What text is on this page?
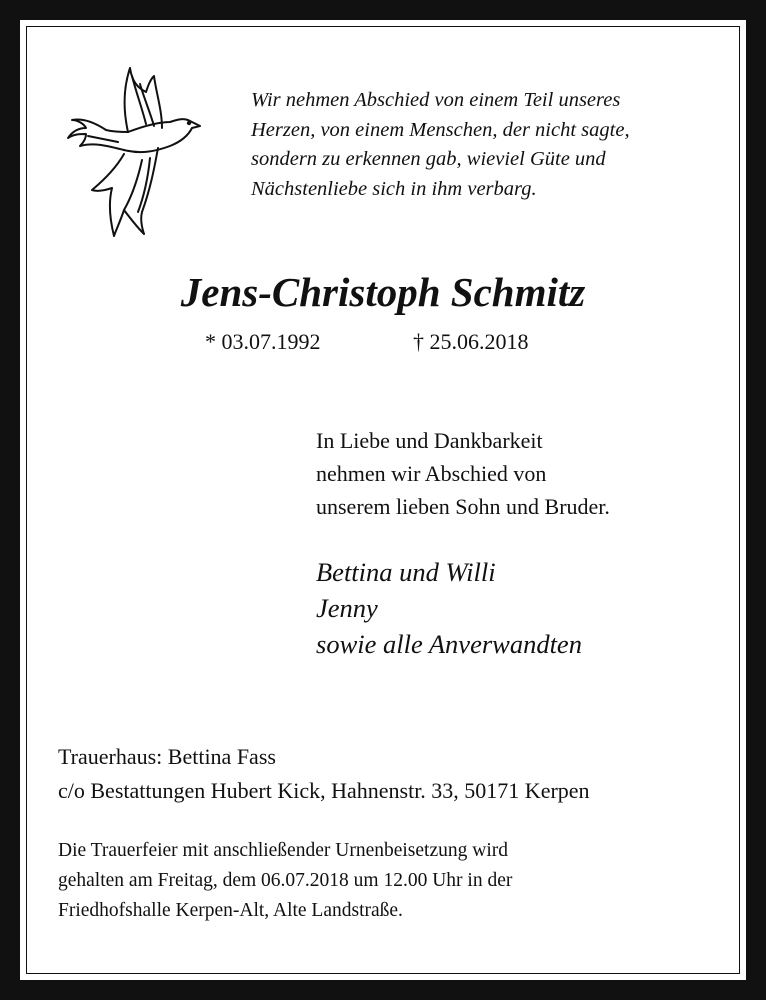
Wir nehmen Abschied von einem Teil unseres
Herzen, von einem Menschen, der nicht sagte,
sondern zu erkennen gab, wieviel Güte und
Nächstenliebe sich in ihm verbarg.
Jens-Christoph Schmitz
* 03.07.1992	† 25.06.2018
In Liebe und Dankbarkeit
nehmen wir Abschied von
unserem lieben Sohn und Bruder.
Bettina und Willi
Jenny
sowie alle Anverwandten
Trauerhaus: Bettina Fass
c/o Bestattungen Hubert Kick, Hahnenstr. 33, 50171 Kerpen
Die Trauerfeier mit anschließender Urnenbeisetzung wird
gehalten am Freitag, dem 06.07.2018 um 12.00 Uhr in der
Friedhofshalle Kerpen-Alt, Alte Landstraße.
